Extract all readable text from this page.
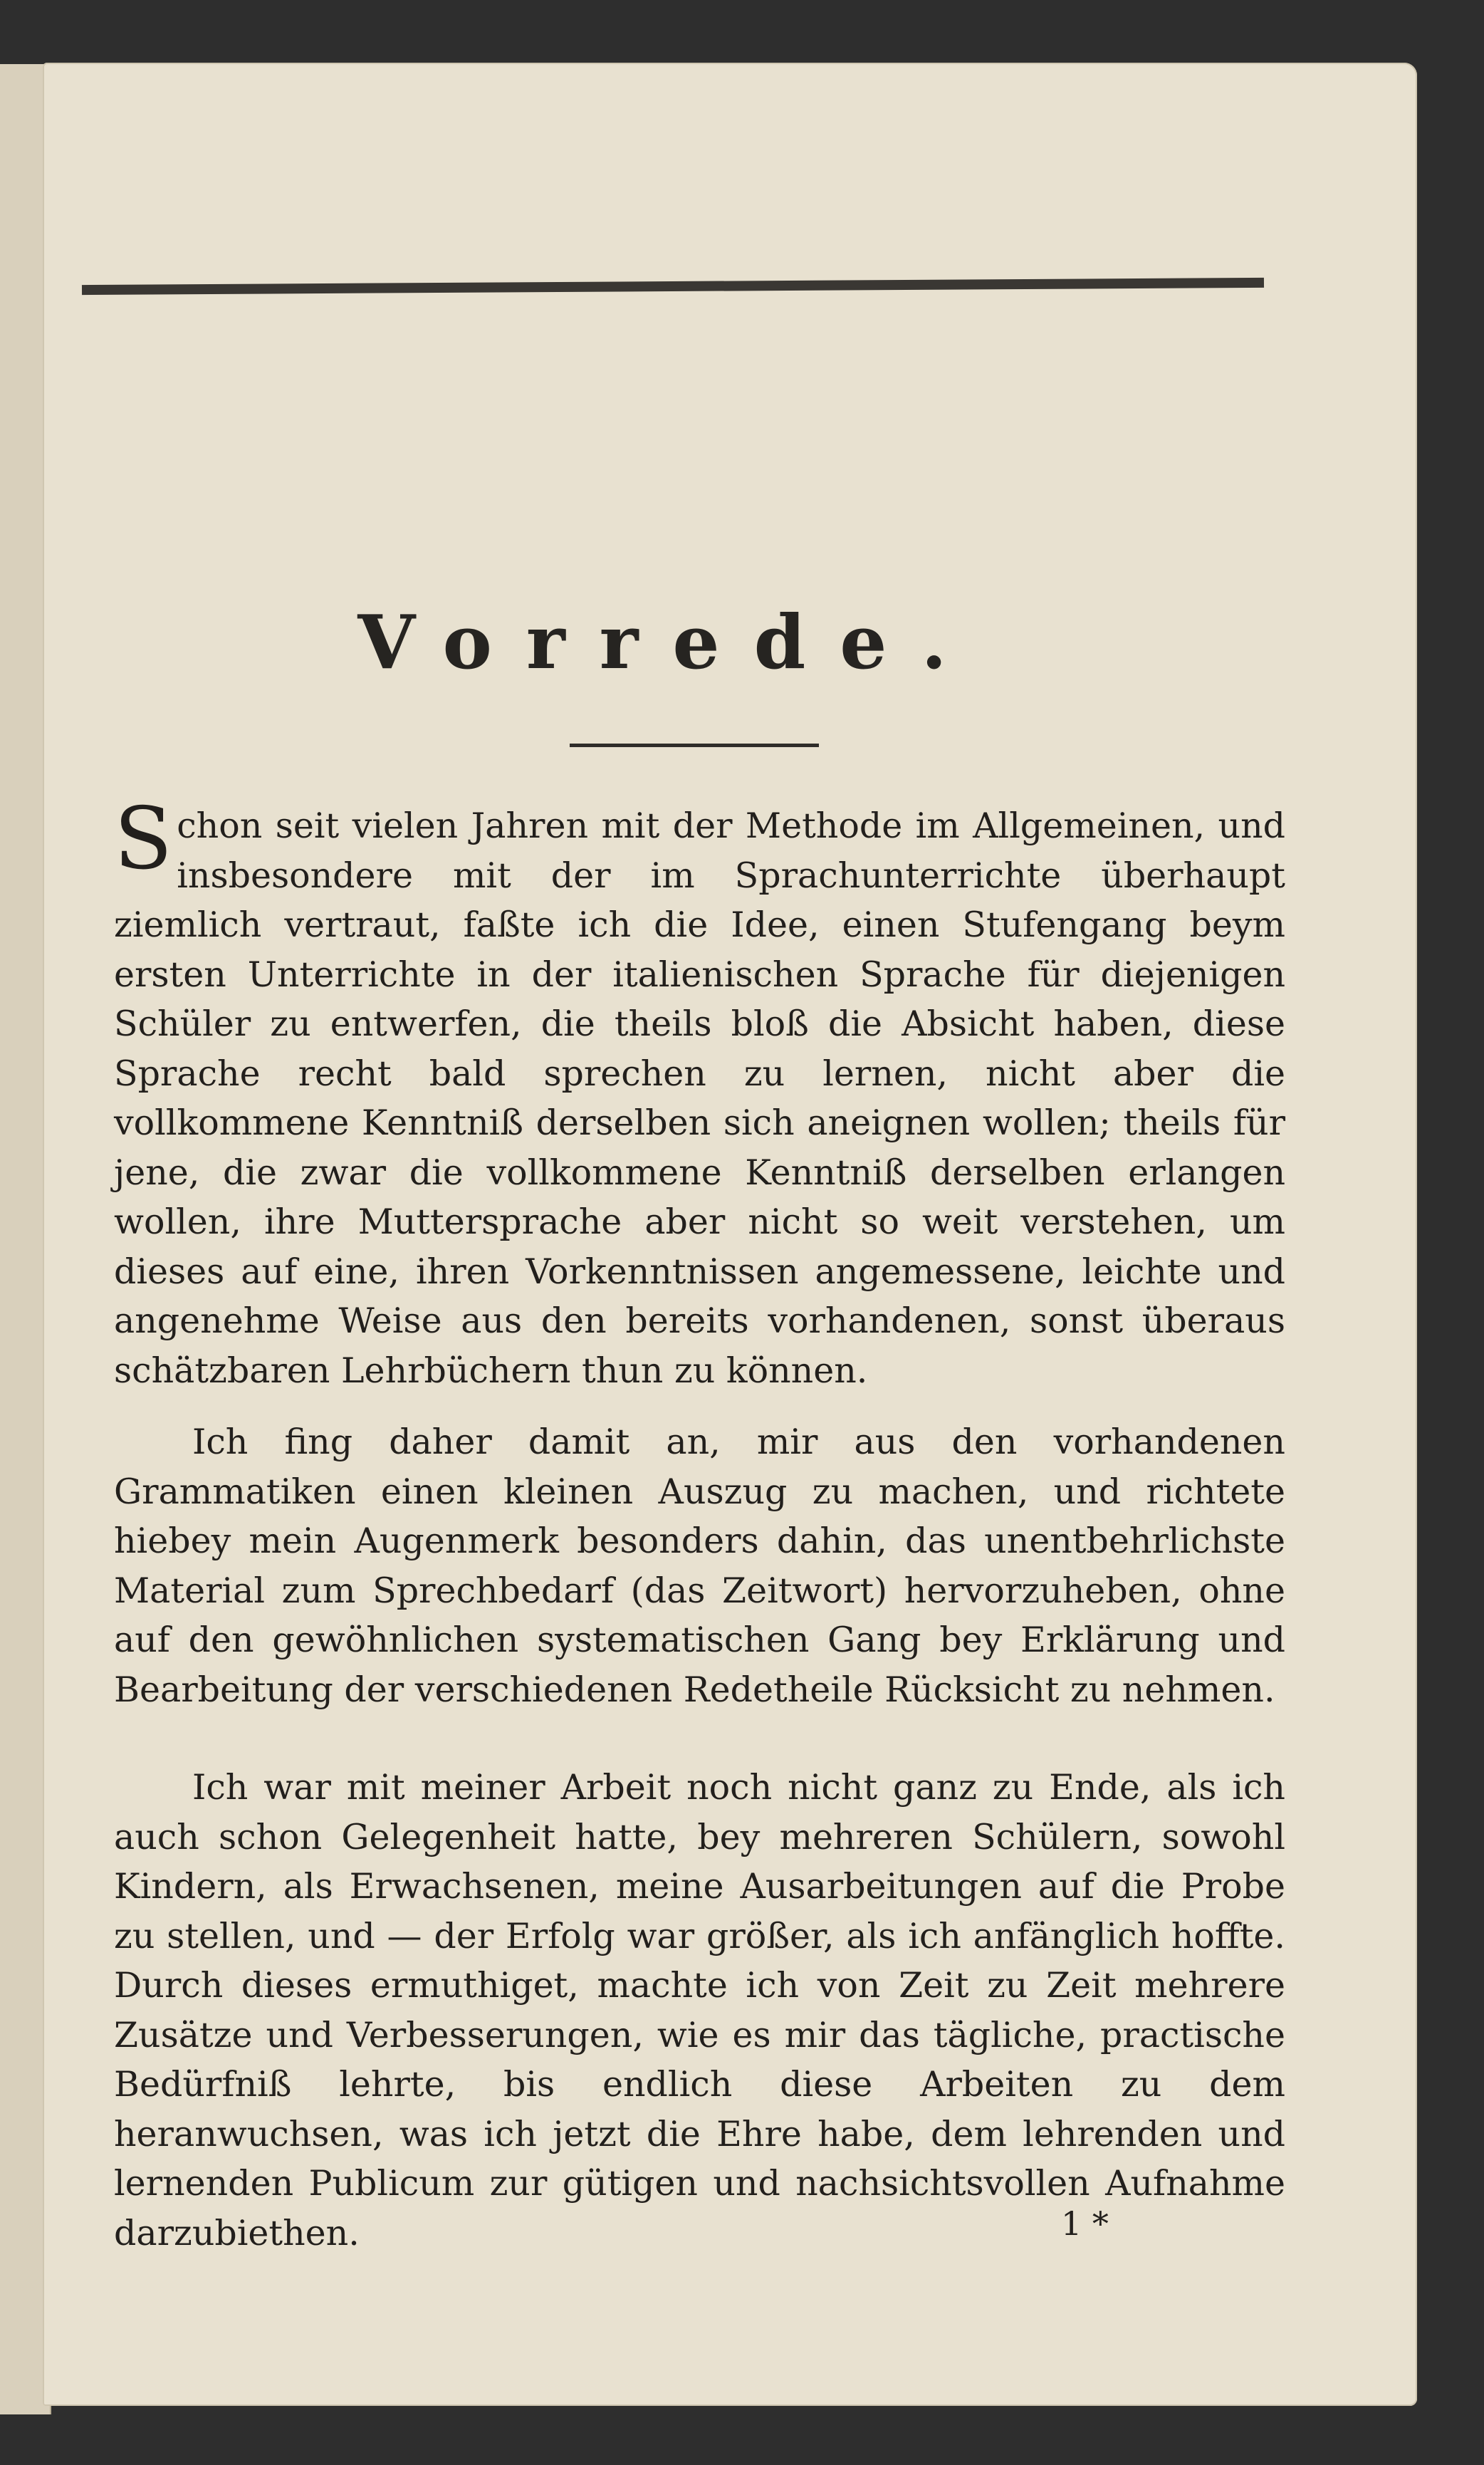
Vorrede.

Schon seit vielen Jahren mit der Methode im Allgemeinen, und insbesondere mit der im Sprachunterrichte überhaupt ziemlich vertraut, faßte ich die Idee, einen Stufengang beym ersten Unterrichte in der italienischen Sprache für diejenigen Schüler zu entwerfen, die theils bloß die Absicht haben, diese Sprache recht bald sprechen zu lernen, nicht aber die vollkommene Kenntniß derselben sich aneignen wollen; theils für jene, die zwar die vollkommene Kenntniß derselben erlangen wollen, ihre Muttersprache aber nicht so weit verstehen, um dieses auf eine, ihren Vorkenntnissen angemessene, leichte und angenehme Weise aus den bereits vorhandenen, sonst überaus schätzbaren Lehrbüchern thun zu können.

Ich fing daher damit an, mir aus den vorhandenen Grammatiken einen kleinen Auszug zu machen, und richtete hiebey mein Augenmerk besonders dahin, das unentbehrlichste Material zum Sprechbedarf (das Zeitwort) hervorzuheben, ohne auf den gewöhnlichen systematischen Gang bey Erklärung und Bearbeitung der verschiedenen Redetheile Rücksicht zu nehmen.

Ich war mit meiner Arbeit noch nicht ganz zu Ende, als ich auch schon Gelegenheit hatte, bey mehreren Schülern, sowohl Kindern, als Erwachsenen, meine Ausarbeitungen auf die Probe zu stellen, und — der Erfolg war größer, als ich anfänglich hoffte. Durch dieses ermuthiget, machte ich von Zeit zu Zeit mehrere Zusätze und Verbesserungen, wie es mir das tägliche, practische Bedürfniß lehrte, bis endlich diese Arbeiten zu dem heranwuchsen, was ich jetzt die Ehre habe, dem lehrenden und lernenden Publicum zur gütigen und nachsichtsvollen Aufnahme darzubiethen.	1 *
